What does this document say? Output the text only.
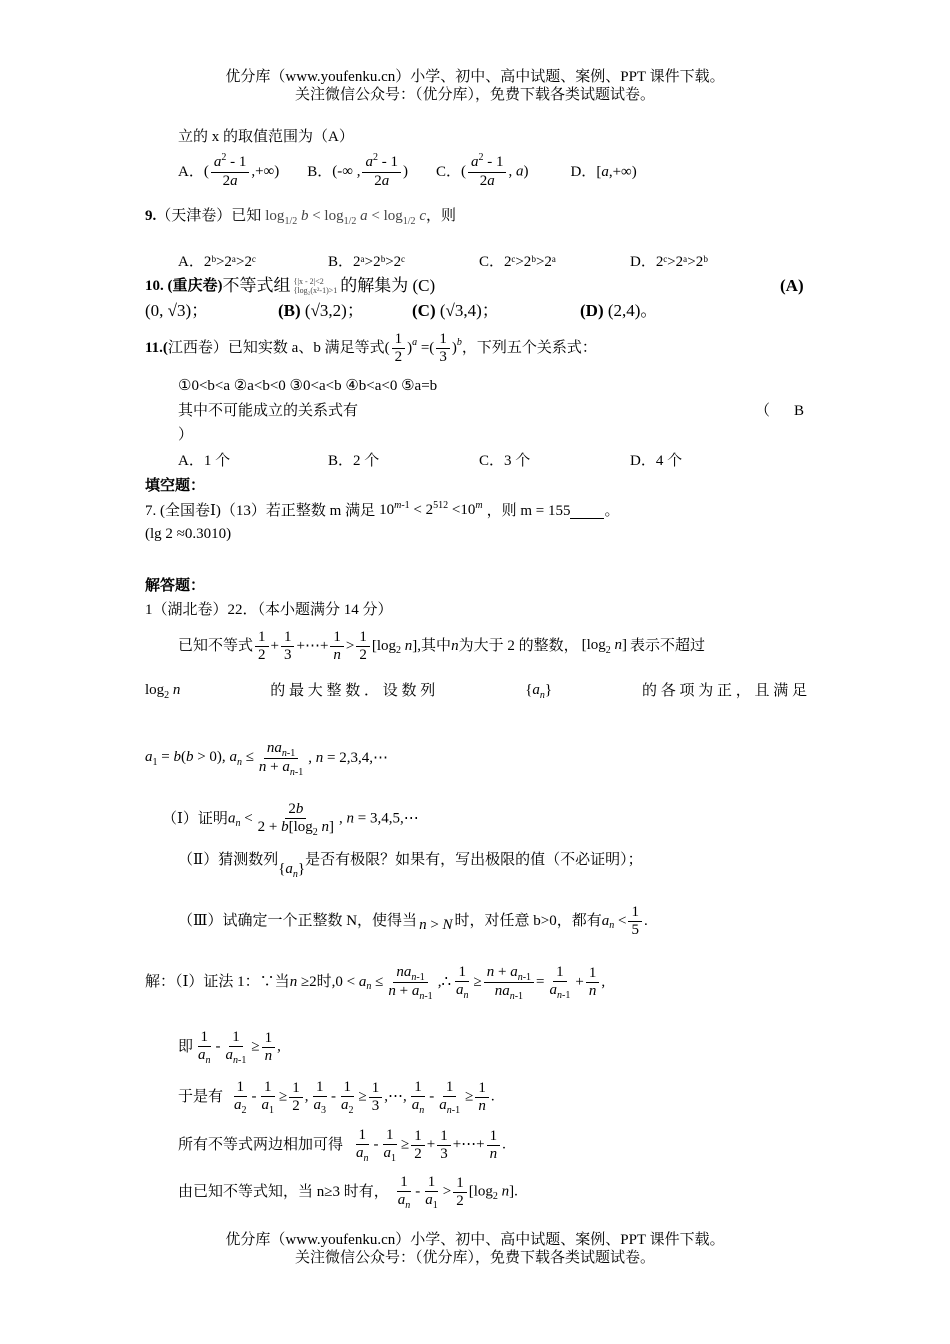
优分库（www.youfenku.cn）小学、初中、高中试题、案例、PPT 课件下载。
关注微信公众号：（优分库），免费下载各类试题试卷。
立的 x 的取值范围为（A）
A． ( $\frac{a^2 - 1}{2a}$ ,+∞) B． (-∞ , $\frac{a^2 - 1}{2a}$ ) C． ( $\frac{a^2 - 1}{2a}$ , a)	D． [a,+∞)
9. （天津卷）已知 $\log_{1/2} b < \log_{1/2} a < \log_{1/2} c$ ，则
A．2ᵇ>2ᵃ>2ᶜ	B．2ᵃ>2ᵇ>2ᶜ	C．2ᶜ>2ᵇ>2ᵃ	D．2ᶜ>2ᵃ>2ᵇ
10. ( 重庆卷) 不等式组 {|x - 2|<2
{log₂(x²-1)>1 的解集为 (C)	(A)
(0, √3)；	(B) (√3,2)；	(C) (√3,4)；	(D) (2,4)。
11.( 江西卷）已知实数 a、b 满足等式 ( $\frac{1}{2} )^a$ =( $\frac{1}{3} )^b$ ，下列五个关系式：
①0<b<a ②a<b<0 ③0<a<b ④b<a<0 ⑤a=b
其中不可能成立的关系式有	（ B
）
A．1 个	B．2 个	C．3 个	D．4 个
填空题：
7. (全国卷Ⅰ)（13）若正整数 m 满足 $10^{m-1} < 2^{512} <10^m$ ，则 m = 155 。
(lg 2 ≈0.3010)
解答题：
1（湖北卷）22．（本小题满分 14 分）
已知不等式 $\frac{1}{2} + \frac{1}{3}$ +⋯+ $\frac{1}{n} > \frac{1}{2} [\log_2$ n], 其中 n 为大于 2 的整数， [$\log_2$ n] 表示不超过
$\log_2 n$	的 最 大 整 数 ． 设 数 列	$\{a_n\}$	的 各 项 为 正 ， 且 满 足
$a_1 = b(b > 0)$, $a_n \le \frac{na_{n-1}}{n + a_{n-1}}$ , n = 2,3,4,⋯
（Ⅰ）证明 $a_n < \frac{2b}{2 + b[\log_2 n]}$ , n = 3,4,5,⋯
（Ⅱ）猜测数列
$\{a_n\}$
是否有极限？如果有，写出极限的值（不必证明）；
（Ⅲ）试确定一个正整数 N，使得当 n > N 时，对任意 b>0，都有 $a_n < \frac{1}{5}$ .
解：（Ⅰ）证法 1：∵当 n ≥2时$,0 < a_n \le \frac{na_{n-1}}{n + a_{n-1}}$ ,∴ $\frac{1}{a_n} \ge \frac{n + a_{n-1}}{na_{n-1}} = \frac{1}{a_{n-1}} + \frac{1}{n}$ ,
即 $\frac{1}{a_n} - \frac{1}{a_{n-1}} \ge \frac{1}{n}$ ,
于是有 $\frac{1}{a_2} - \frac{1}{a_1} \ge \frac{1}{2}$ , $\frac{1}{a_3} - \frac{1}{a_2} \ge \frac{1}{3}$ ,⋯, $\frac{1}{a_n} - \frac{1}{a_{n-1}} \ge \frac{1}{n}$ .
所有不等式两边相加可得 $\frac{1}{a_n} - \frac{1}{a_1} \ge \frac{1}{2} + \frac{1}{3}$ +⋯+ $\frac{1}{n}$ .
由已知不等式知，当 n≥3 时有， $\frac{1}{a_n} - \frac{1}{a_1} > \frac{1}{2} [\log_2$ n].
优分库（www.youfenku.cn）小学、初中、高中试题、案例、PPT 课件下载。
关注微信公众号：（优分库），免费下载各类试题试卷。
